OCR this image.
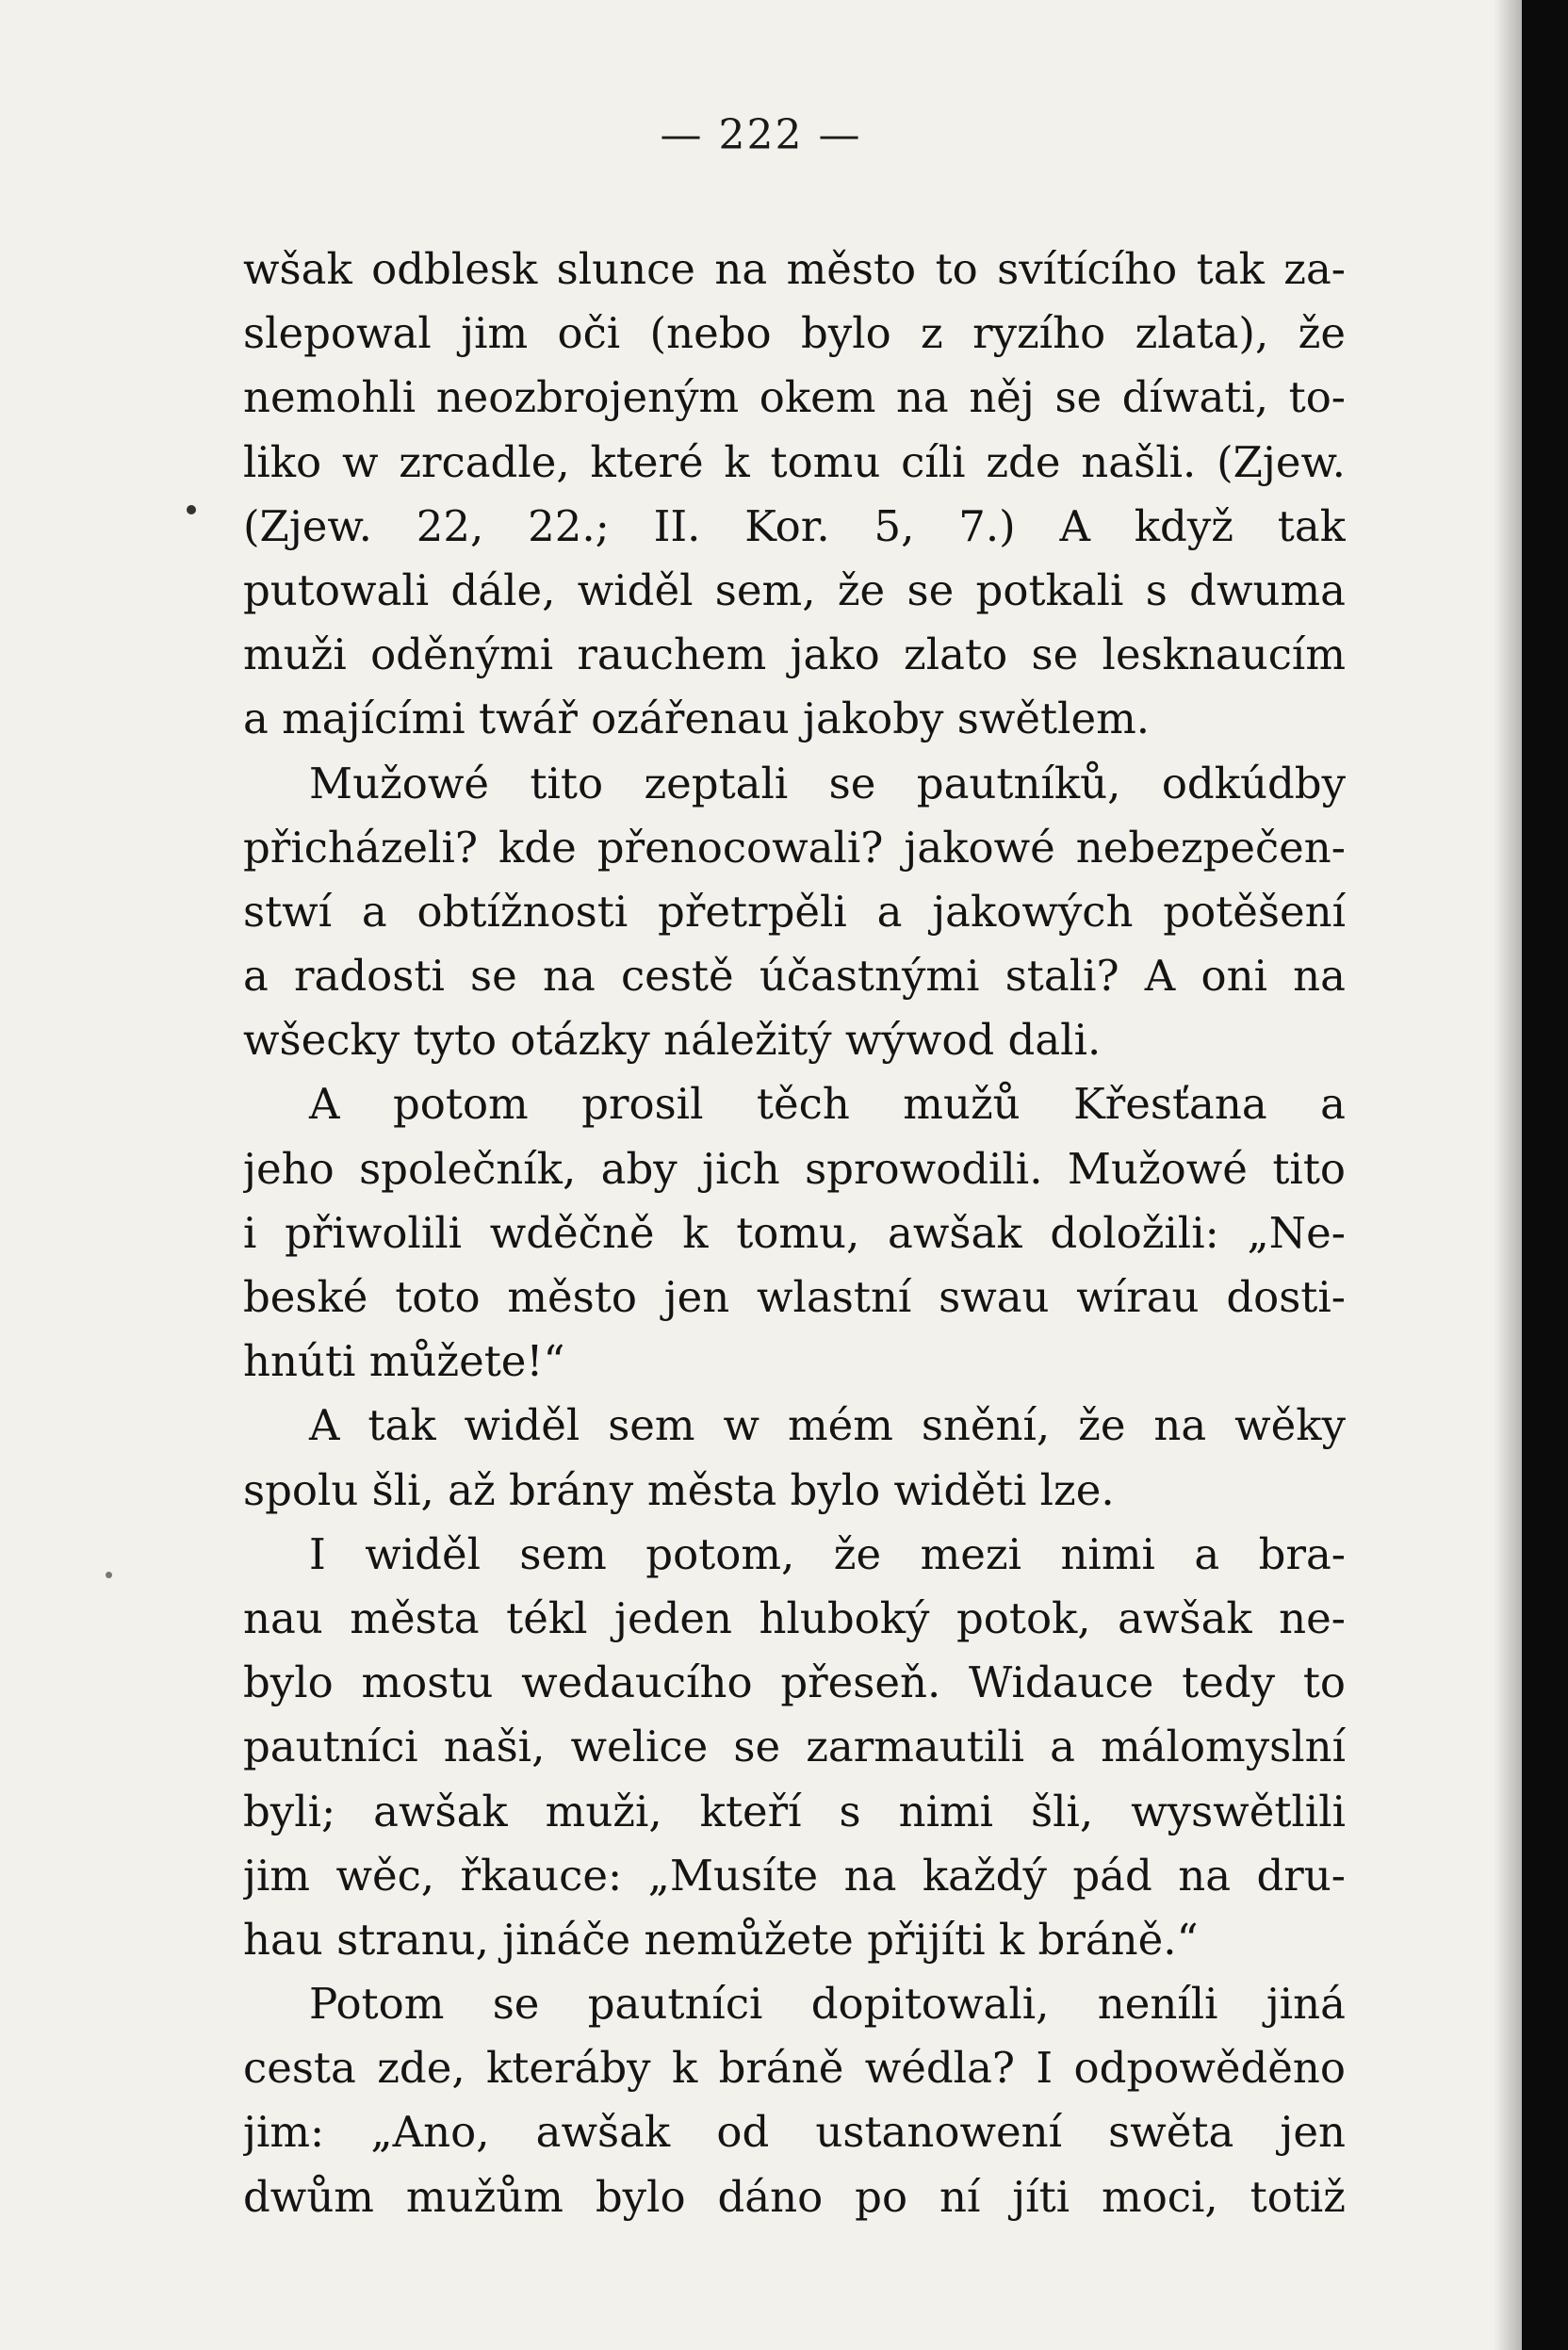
— 222 —
wšak odblesk slunce na město to svítícího tak za-
slepowal jim oči (nebo bylo z ryzího zlata), že
nemohli neozbrojeným okem na něj se díwati, to-
liko w zrcadle, které k tomu cíli zde našli. (Zjew.
(Zjew. 22, 22.; II. Kor. 5, 7.) A když tak
putowali dále, widěl sem, že se potkali s dwuma
muži oděnými rauchem jako zlato se lesknaucím
a majícími twář ozářenau jakoby swětlem.
Mužowé tito zeptali se pautníků, odkúdby
přicházeli? kde přenocowali? jakowé nebezpečen-
stwí a obtížnosti přetrpěli a jakowých potěšení
a radosti se na cestě účastnými stali? A oni na
wšecky tyto otázky náležitý wýwod dali.
A potom prosil těch mužů Křesťana a
jeho společník, aby jich sprowodili. Mužowé tito
i přiwolili wděčně k tomu, awšak doložili: „Ne-
beské toto město jen wlastní swau wírau dosti-
hnúti můžete!“
A tak widěl sem w mém snění, že na wěky
spolu šli, až bránу města bylo widěti lze.
I widěl sem potom, že mezi nimi a bra-
nau města tékl jeden hluboký potok, awšak ne-
bylo mostu wedaucího přeseň. Widauce tedy to
pautníci naši, welice se zarmautili a málomyslní
byli; awšak muži, kteří s nimi šli, wyswětlili
jim wěc, řkauce: „Musíte na každý pád na dru-
hau stranu, jináče nemůžete přijíti k bráně.“
Potom se pautníci dopitowali, neníli jiná
cesta zde, kteráby k bráně wédla? I odpowěděno
jim: „Ano, awšak od ustanowení swěta jen
dwům mužům bylo dáno po ní jíti moci, totiž
